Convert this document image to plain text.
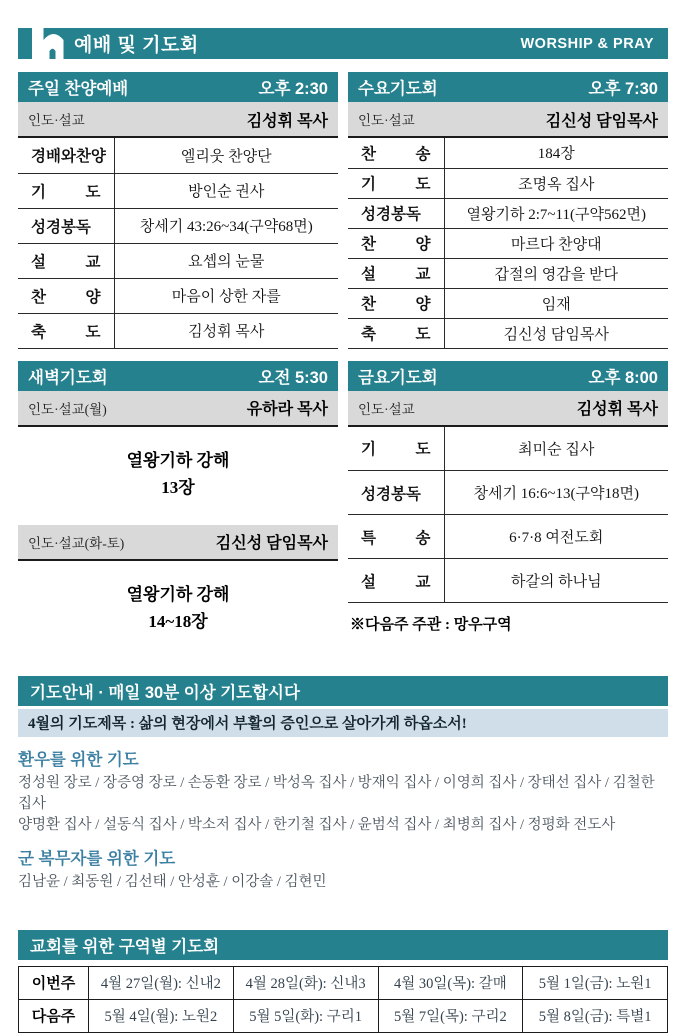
예배 및 기도회	WORSHIP & PRAY
주일 찬양예배	오후 2:30
인도·설교	김성휘 목사
경배와찬양	엘리웃 찬양단
기 도	방인순 권사
성경봉독	창세기 43:26~34(구약68면)
설 교	요셉의 눈물
찬 양	마음이 상한 자를
축 도	김성휘 목사
새벽기도회	오전 5:30
인도·설교(월)	유하라 목사
열왕기하 강해
13장
인도·설교(화-토)	김신성 담임목사
열왕기하 강해
14~18장
수요기도회	오후 7:30
인도·설교	김신성 담임목사
찬 송	184장
기 도	조명옥 집사
성경봉독	열왕기하 2:7~11(구약562면)
찬 양	마르다 찬양대
설 교	갑절의 영감을 받다
찬 양	임재
축 도	김신성 담임목사
금요기도회	오후 8:00
인도·설교	김성휘 목사
기 도	최미순 집사
성경봉독	창세기 16:6~13(구약18면)
특 송	6·7·8 여전도회
설 교	하갈의 하나님
※다음주 주관 : 망우구역
기도안내 · 매일 30분 이상 기도합시다
4월의 기도제목 : 삶의 현장에서 부활의 증인으로 살아가게 하옵소서!
환우를 위한 기도
정성원 장로 / 장증영 장로 / 손동환 장로 / 박성옥 집사 / 방재익 집사 / 이영희 집사 / 장태선 집사 / 김철한 집사
양명환 집사 / 설동식 집사 / 박소저 집사 / 한기철 집사 / 윤범석 집사 / 최병희 집사 / 정평화 전도사
군 복무자를 위한 기도
김남윤 / 최동원 / 김선태 / 안성훈 / 이강솔 / 김현민
교회를 위한 구역별 기도회
이번주	4월 27일(월): 신내2	4월 28일(화): 신내3	4월 30일(목): 갈매	5월 1일(금): 노원1
다음주	5월 4일(월): 노원2	5월 5일(화): 구리1	5월 7일(목): 구리2	5월 8일(금): 특별1
